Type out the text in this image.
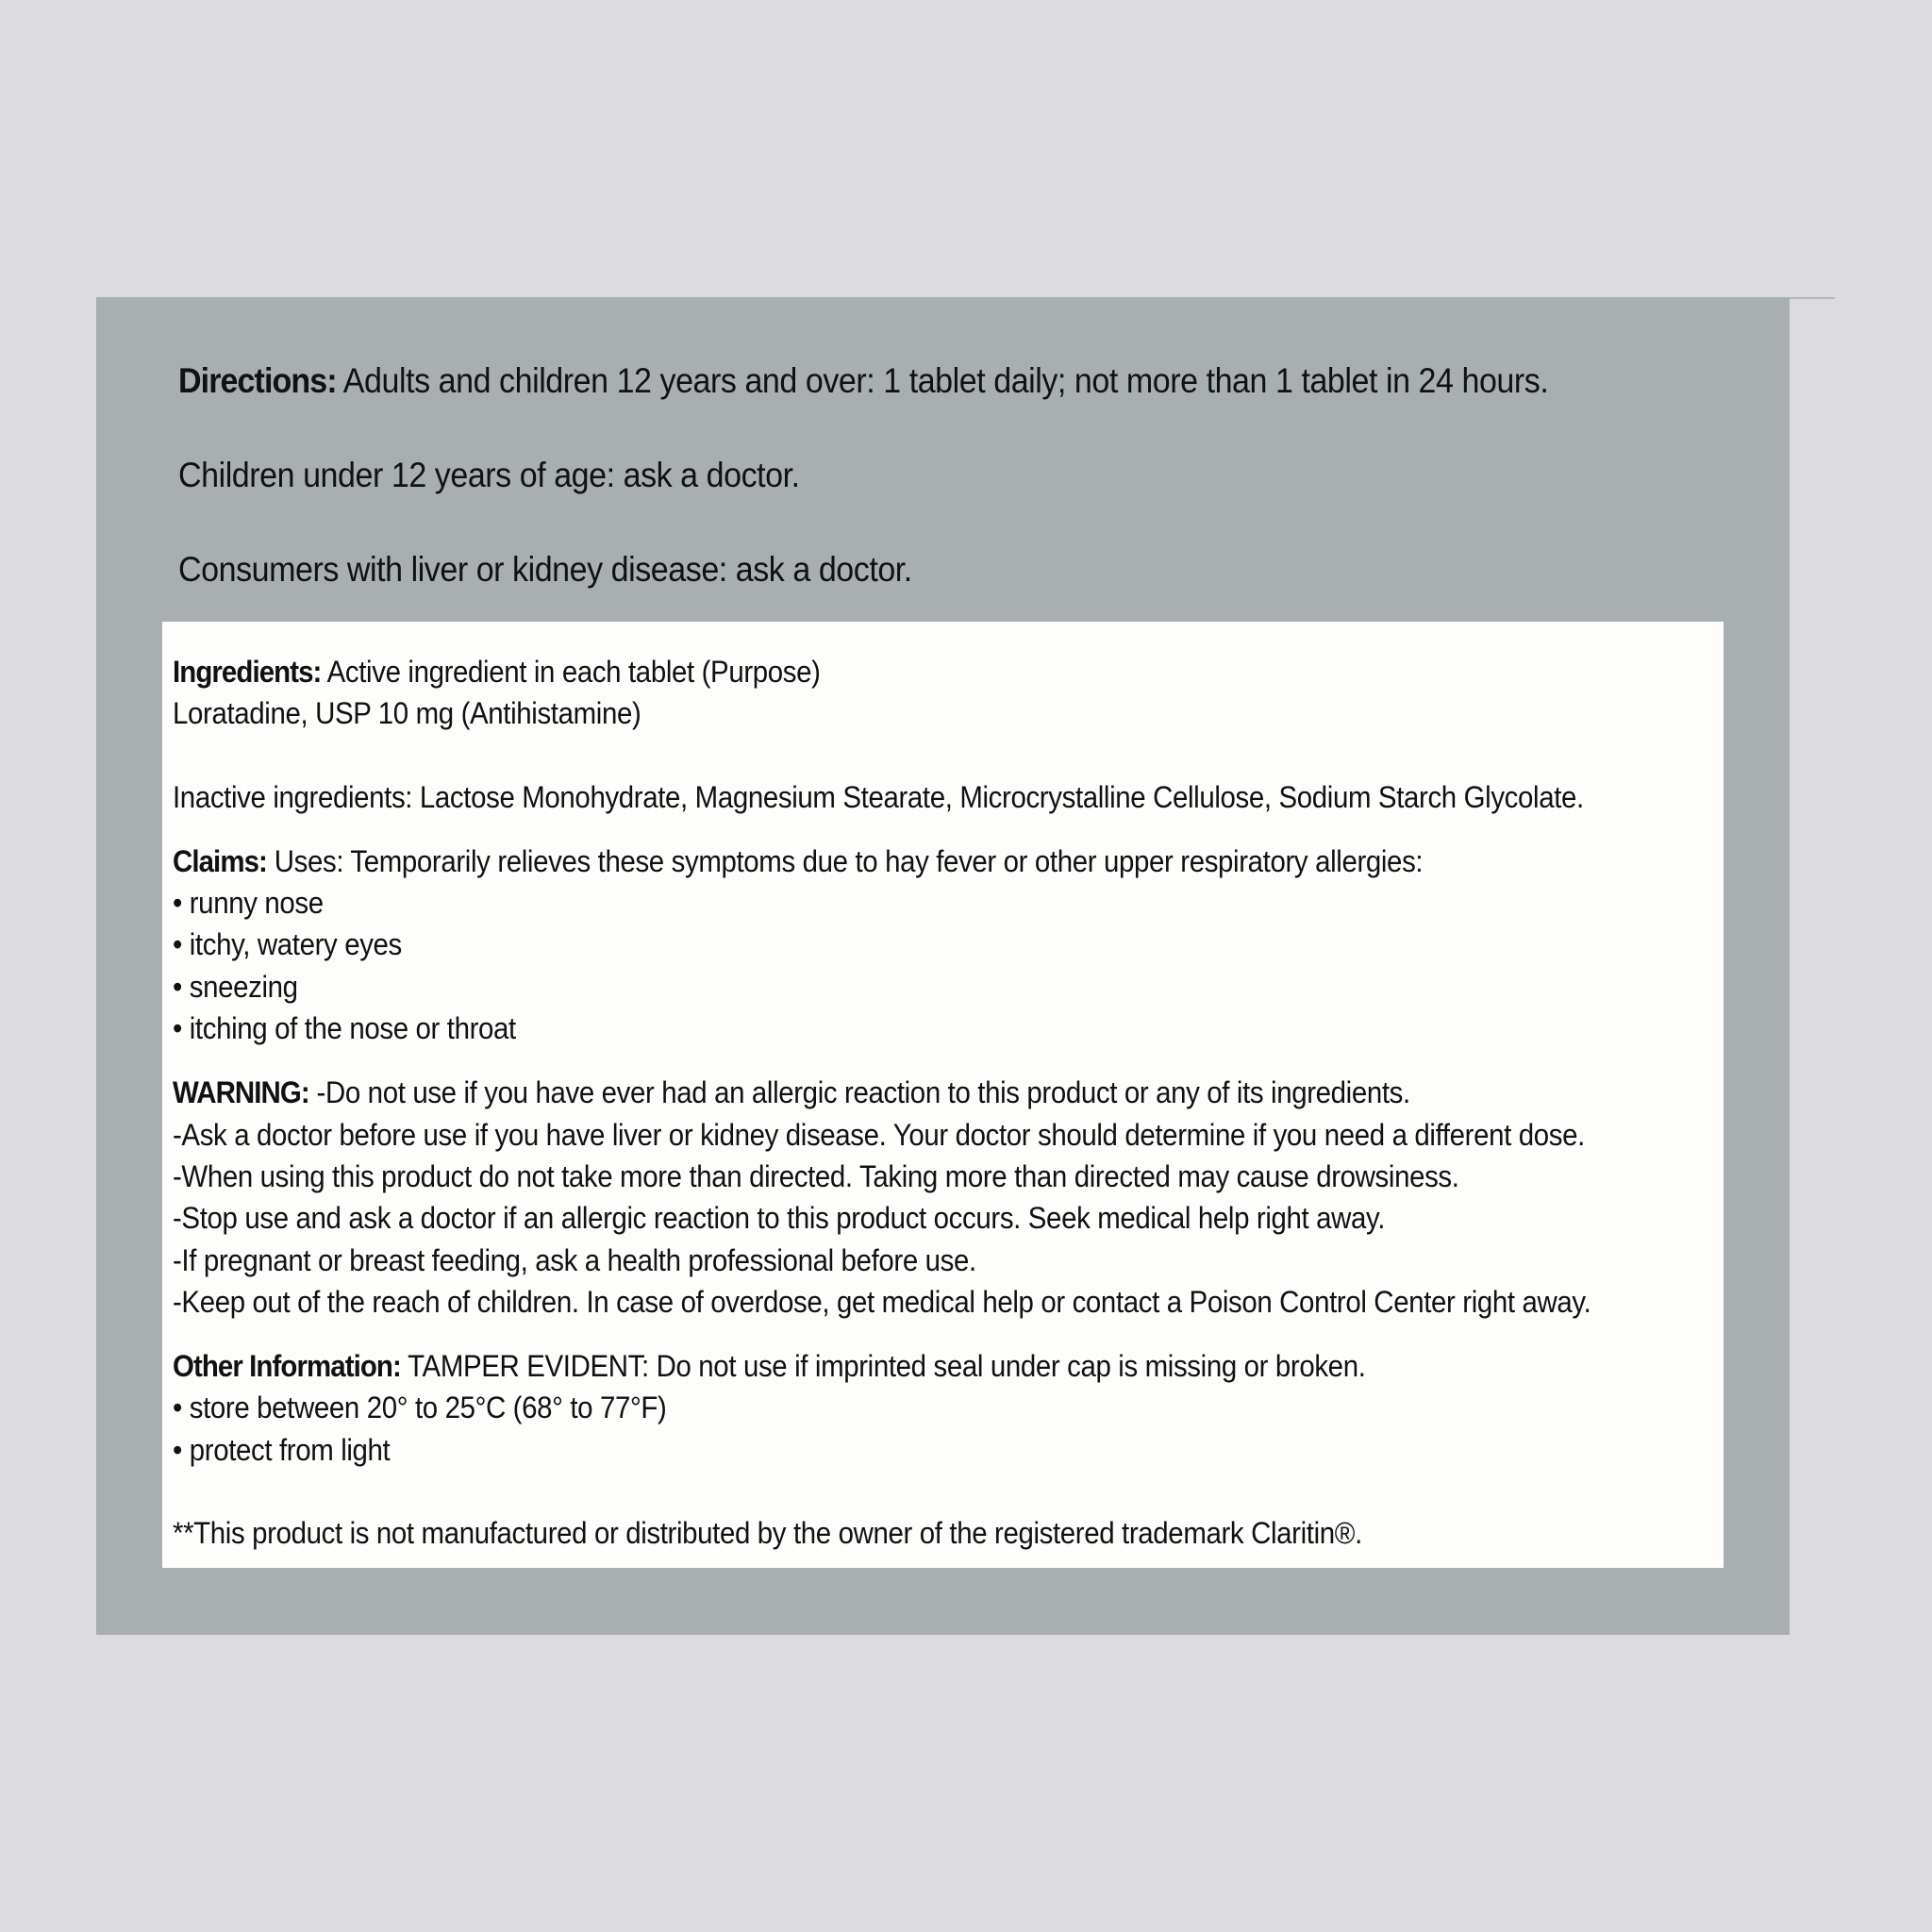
Directions: Adults and children 12 years and over: 1 tablet daily; not more than 1 tablet in 24 hours.
Children under 12 years of age: ask a doctor.
Consumers with liver or kidney disease: ask a doctor.
Ingredients: Active ingredient in each tablet (Purpose)
Loratadine, USP 10 mg (Antihistamine)
Inactive ingredients: Lactose Monohydrate, Magnesium Stearate, Microcrystalline Cellulose, Sodium Starch Glycolate.
Claims: Uses: Temporarily relieves these symptoms due to hay fever or other upper respiratory allergies:
• runny nose
• itchy, watery eyes
• sneezing
• itching of the nose or throat
WARNING: -Do not use if you have ever had an allergic reaction to this product or any of its ingredients.
-Ask a doctor before use if you have liver or kidney disease. Your doctor should determine if you need a different dose.
-When using this product do not take more than directed. Taking more than directed may cause drowsiness.
-Stop use and ask a doctor if an allergic reaction to this product occurs. Seek medical help right away.
-If pregnant or breast feeding, ask a health professional before use.
-Keep out of the reach of children. In case of overdose, get medical help or contact a Poison Control Center right away.
Other Information: TAMPER EVIDENT: Do not use if imprinted seal under cap is missing or broken.
• store between 20° to 25°C (68° to 77°F)
• protect from light
**This product is not manufactured or distributed by the owner of the registered trademark Claritin®.
